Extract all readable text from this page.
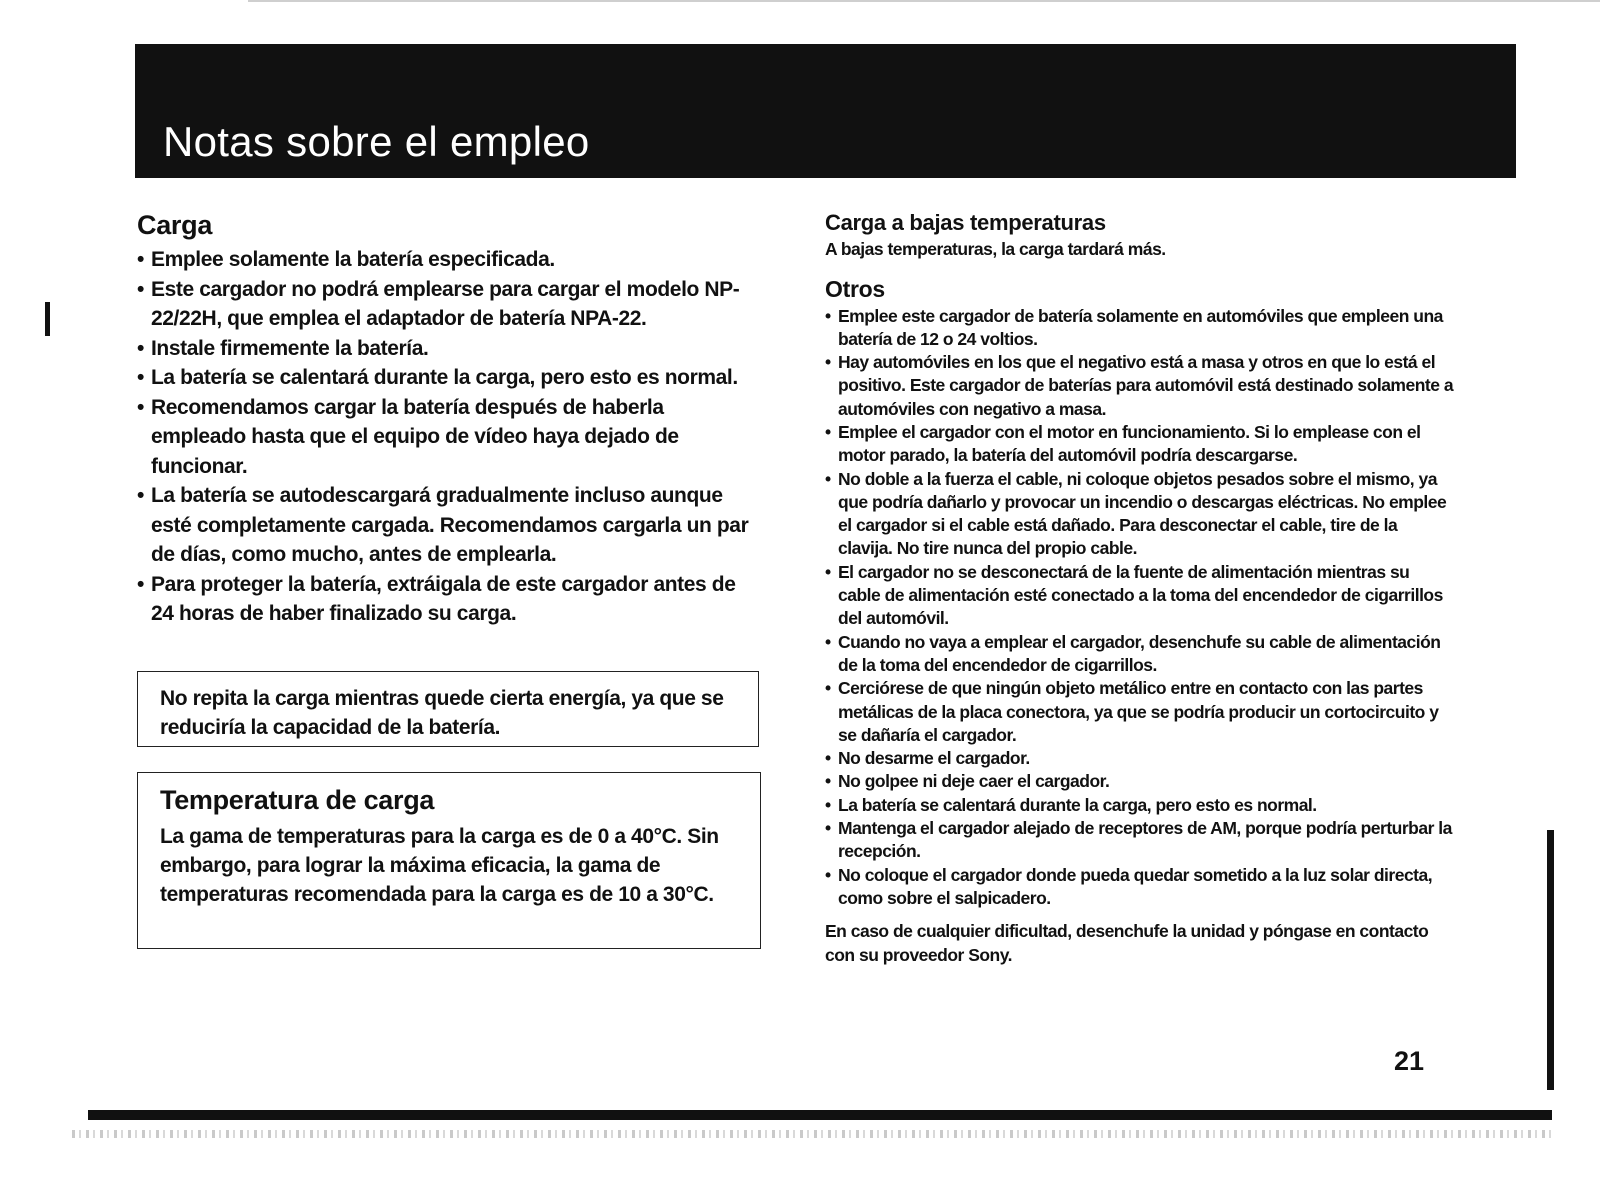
Notas sobre el empleo
Carga
• Emplee solamente la batería especificada.
• Este cargador no podrá emplearse para cargar el modelo NP-22/22H, que emplea el adaptador de batería NPA-22.
• Instale firmemente la batería.
• La batería se calentará durante la carga, pero esto es normal.
• Recomendamos cargar la batería después de haberla empleado hasta que el equipo de vídeo haya dejado de funcionar.
• La batería se autodescargará gradualmente incluso aunque esté completamente cargada. Recomendamos cargarla un par de días, como mucho, antes de emplearla.
• Para proteger la batería, extráigala de este cargador antes de 24 horas de haber finalizado su carga.
No repita la carga mientras quede cierta energía, ya que se reduciría la capacidad de la batería.
Temperatura de carga

La gama de temperaturas para la carga es de 0 a 40°C. Sin embargo, para lograr la máxima eficacia, la gama de temperaturas recomendada para la carga es de 10 a 30°C.

Carga a bajas temperaturas

A bajas temperaturas, la carga tardará más.

Otros
• Emplee este cargador de batería solamente en automóviles que empleen una batería de 12 o 24 voltios.
• Hay automóviles en los que el negativo está a masa y otros en que lo está el positivo. Este cargador de baterías para automóvil está destinado solamente a automóviles con negativo a masa.
• Emplee el cargador con el motor en funcionamiento. Si lo emplease con el motor parado, la batería del automóvil podría descargarse.
• No doble a la fuerza el cable, ni coloque objetos pesados sobre el mismo, ya que podría dañarlo y provocar un incendio o descargas eléctricas. No emplee el cargador si el cable está dañado. Para desconectar el cable, tire de la clavija. No tire nunca del propio cable.
• El cargador no se desconectará de la fuente de alimentación mientras su cable de alimentación esté conectado a la toma del encendedor de cigarrillos del automóvil.
• Cuando no vaya a emplear el cargador, desenchufe su cable de alimentación de la toma del encendedor de cigarrillos.
• Cerciórese de que ningún objeto metálico entre en contacto con las partes metálicas de la placa conectora, ya que se podría producir un cortocircuito y se dañaría el cargador.
• No desarme el cargador.
• No golpee ni deje caer el cargador.
• La batería se calentará durante la carga, pero esto es normal.
• Mantenga el cargador alejado de receptores de AM, porque podría perturbar la recepción.
• No coloque el cargador donde pueda quedar sometido a la luz solar directa, como sobre el salpicadero.

En caso de cualquier dificultad, desenchufe la unidad y póngase en contacto con su proveedor Sony.

21
